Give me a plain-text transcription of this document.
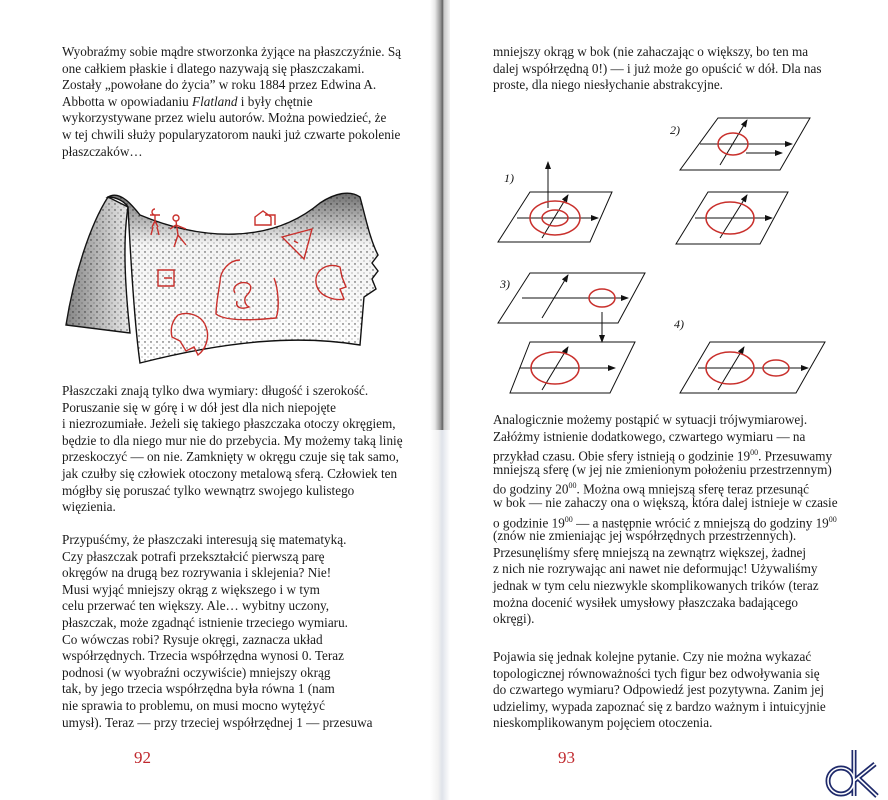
Wyobraźmy sobie mądre stworzonka żyjące na płaszczyźnie. Są
one całkiem płaskie i dlatego nazywają się płaszczakami.
Zostały „powołane do życia” w roku 1884 przez Edwina A.
Abbotta w opowiadaniu Flatland i były chętnie
wykorzystywane przez wielu autorów. Można powiedzieć, że
w tej chwili służy popularyzatorom nauki już czwarte pokolenie
płaszczaków…
Płaszczaki znają tylko dwa wymiary: długość i szerokość.
Poruszanie się w górę i w dół jest dla nich niepojęte
i niezrozumiałe. Jeżeli się takiego płaszczaka otoczy okręgiem,
będzie to dla niego mur nie do przebycia. My możemy taką linię
przeskoczyć — on nie. Zamknięty w okręgu czuje się tak samo,
jak czułby się człowiek otoczony metalową sferą. Człowiek ten
mógłby się poruszać tylko wewnątrz swojego kulistego
więzienia.
Przypuśćmy, że płaszczaki interesują się matematyką.
Czy płaszczak potrafi przekształcić pierwszą parę
okręgów na drugą bez rozrywania i sklejenia? Nie!
Musi wyjąć mniejszy okrąg z większego i w tym
celu przerwać ten większy. Ale… wybitny uczony,
płaszczak, może zgadnąć istnienie trzeciego wymiaru.
Co wówczas robi? Rysuje okręgi, zaznacza układ
współrzędnych. Trzecia współrzędna wynosi 0. Teraz
podnosi (w wyobraźni oczywiście) mniejszy okrąg
tak, by jego trzecia współrzędna była równa 1 (nam
nie sprawia to problemu, on musi mocno wytężyć
umysł). Teraz — przy trzeciej współrzędnej 1 — przesuwa
92
mniejszy okrąg w bok (nie zahaczając o większy, bo ten ma
dalej współrzędną 0!) — i już może go opuścić w dół. Dla nas
proste, dla niego niesłychanie abstrakcyjne.
1)
2)
3)
4)
Analogicznie możemy postąpić w sytuacji trójwymiarowej.
Załóżmy istnienie dodatkowego, czwartego wymiaru — na
przykład czasu. Obie sfery istnieją o godzinie $19^{00}$. Przesuwamy
mniejszą sferę (w jej nie zmienionym położeniu przestrzennym)
do godziny $20^{00}$. Można ową mniejszą sferę teraz przesunąć
w bok — nie zahaczy ona o większą, która dalej istnieje w czasie
o godzinie $19^{00}$ — a następnie wrócić z mniejszą do godziny $19^{00}$
(znów nie zmieniając jej współrzędnych przestrzennych).
Przesunęliśmy sferę mniejszą na zewnątrz większej, żadnej
z nich nie rozrywając ani nawet nie deformując! Używaliśmy
jednak w tym celu niezwykle skomplikowanych trików (teraz
można docenić wysiłek umysłowy płaszczaka badającego
okręgi).
Pojawia się jednak kolejne pytanie. Czy nie można wykazać
topologicznej równoważności tych figur bez odwoływania się
do czwartego wymiaru? Odpowiedź jest pozytywna. Zanim jej
udzielimy, wypada zapoznać się z bardzo ważnym i intuicyjnie
nieskomplikowanym pojęciem otoczenia.
93
